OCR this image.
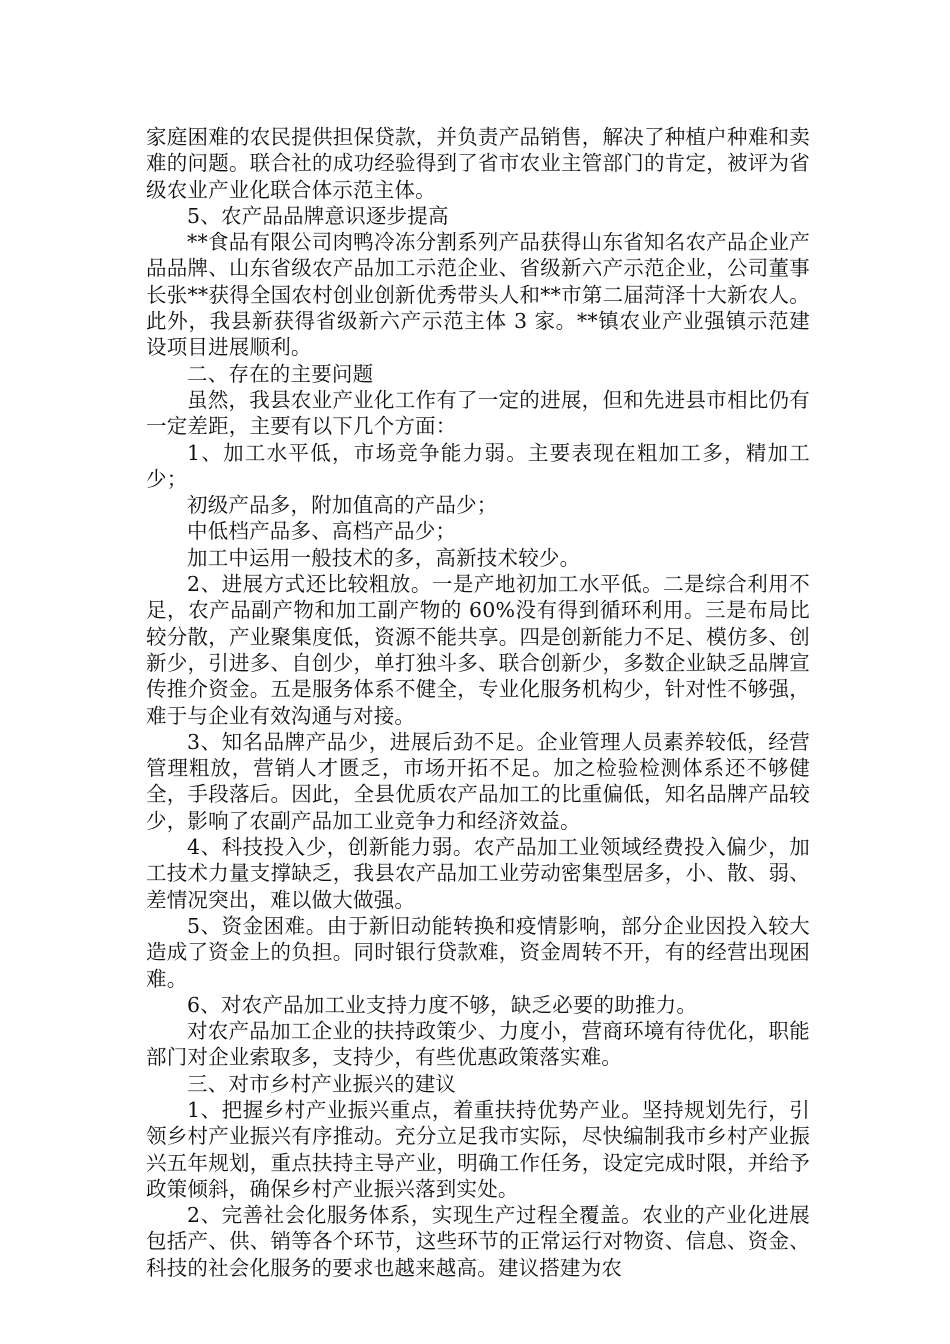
家庭困难的农民提供担保贷款，并负责产品销售，解决了种植户种难和卖难的问题。联合社的成功经验得到了省市农业主管部门的肯定，被评为省级农业产业化联合体示范主体。

5、农产品品牌意识逐步提高

**食品有限公司肉鸭冷冻分割系列产品获得山东省知名农产品企业产品品牌、山东省级农产品加工示范企业、省级新六产示范企业，公司董事长张**获得全国农村创业创新优秀带头人和**市第二届菏泽十大新农人。此外，我县新获得省级新六产示范主体 3 家。**镇农业产业强镇示范建设项目进展顺利。

二、存在的主要问题

虽然，我县农业产业化工作有了一定的进展，但和先进县市相比仍有一定差距，主要有以下几个方面：

1、加工水平低，市场竞争能力弱。主要表现在粗加工多，精加工少；

初级产品多，附加值高的产品少；

中低档产品多、高档产品少；

加工中运用一般技术的多，高新技术较少。

2、进展方式还比较粗放。一是产地初加工水平低。二是综合利用不足，农产品副产物和加工副产物的 60%没有得到循环利用。三是布局比较分散，产业聚集度低，资源不能共享。四是创新能力不足、模仿多、创新少，引进多、自创少，单打独斗多、联合创新少，多数企业缺乏品牌宣传推介资金。五是服务体系不健全，专业化服务机构少，针对性不够强，难于与企业有效沟通与对接。

3、知名品牌产品少，进展后劲不足。企业管理人员素养较低，经营管理粗放，营销人才匮乏，市场开拓不足。加之检验检测体系还不够健全，手段落后。因此，全县优质农产品加工的比重偏低，知名品牌产品较少，影响了农副产品加工业竞争力和经济效益。

4、科技投入少，创新能力弱。农产品加工业领域经费投入偏少，加工技术力量支撑缺乏，我县农产品加工业劳动密集型居多，小、散、弱、差情况突出，难以做大做强。

5、资金困难。由于新旧动能转换和疫情影响，部分企业因投入较大造成了资金上的负担。同时银行贷款难，资金周转不开，有的经营出现困难。

6、对农产品加工业支持力度不够，缺乏必要的助推力。

对农产品加工企业的扶持政策少、力度小，营商环境有待优化，职能部门对企业索取多，支持少，有些优惠政策落实难。

三、对市乡村产业振兴的建议

1、把握乡村产业振兴重点，着重扶持优势产业。坚持规划先行，引领乡村产业振兴有序推动。充分立足我市实际，尽快编制我市乡村产业振兴五年规划，重点扶持主导产业，明确工作任务，设定完成时限，并给予政策倾斜，确保乡村产业振兴落到实处。

2、完善社会化服务体系，实现生产过程全覆盖。农业的产业化进展包括产、供、销等各个环节，这些环节的正常运行对物资、信息、资金、科技的社会化服务的要求也越来越高。建议搭建为农
